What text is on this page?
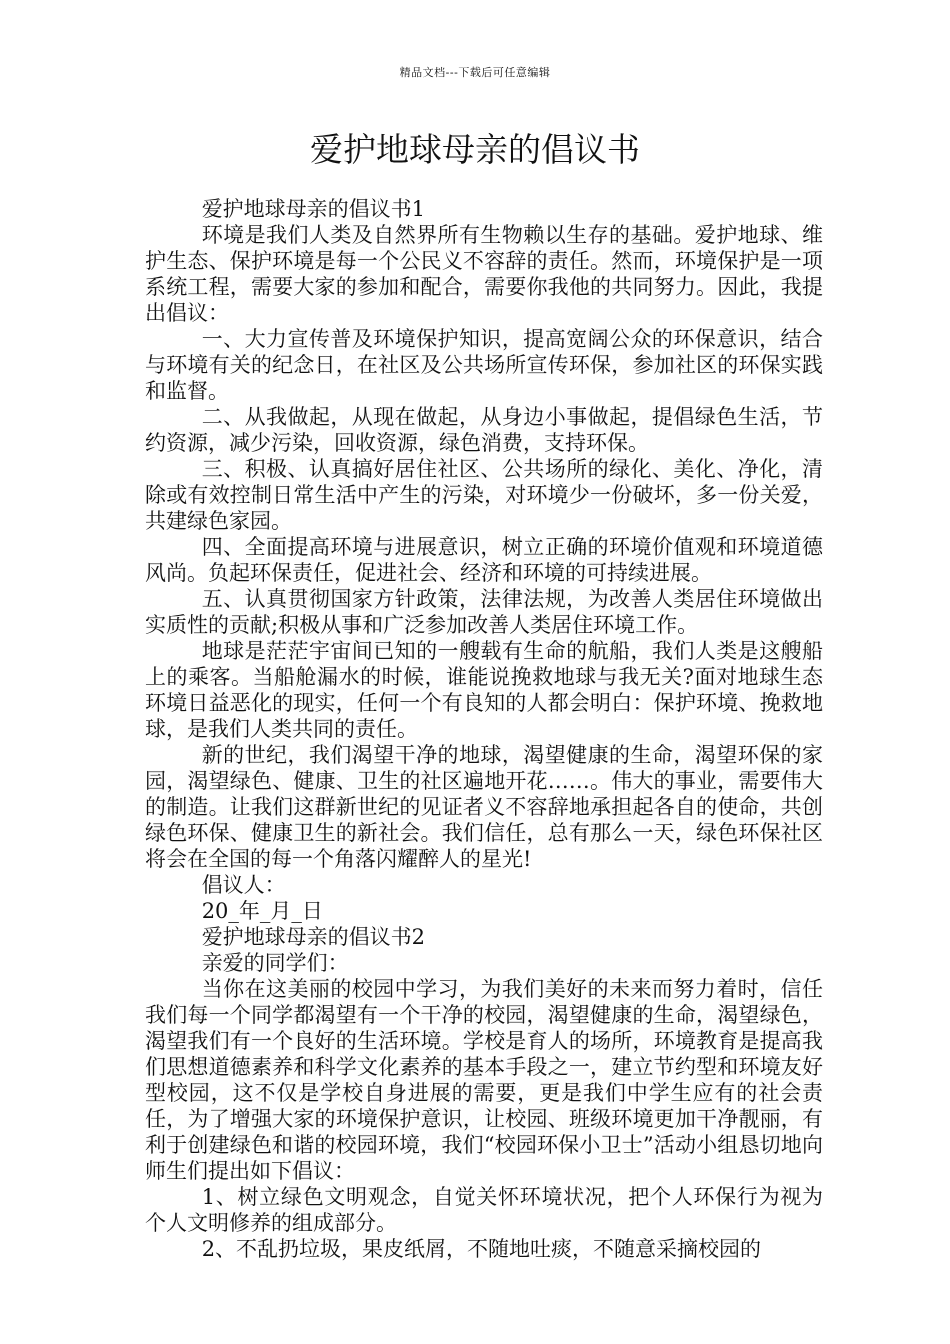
精品文档---下载后可任意编辑
爱护地球母亲的倡议书

爱护地球母亲的倡议书1

环境是我们人类及自然界所有生物赖以生存的基础。爱护地球、维护生态、保护环境是每一个公民义不容辞的责任。然而，环境保护是一项系统工程，需要大家的参加和配合，需要你我他的共同努力。因此，我提出倡议：

一、大力宣传普及环境保护知识，提高宽阔公众的环保意识，结合与环境有关的纪念日，在社区及公共场所宣传环保，参加社区的环保实践和监督。

二、从我做起，从现在做起，从身边小事做起，提倡绿色生活，节约资源，减少污染，回收资源，绿色消费，支持环保。

三、积极、认真搞好居住社区、公共场所的绿化、美化、净化，清除或有效控制日常生活中产生的污染，对环境少一份破坏，多一份关爱，共建绿色家园。

四、全面提高环境与进展意识，树立正确的环境价值观和环境道德风尚。负起环保责任，促进社会、经济和环境的可持续进展。

五、认真贯彻国家方针政策，法律法规，为改善人类居住环境做出实质性的贡献;积极从事和广泛参加改善人类居住环境工作。

地球是茫茫宇宙间已知的一艘载有生命的航船，我们人类是这艘船上的乘客。当船舱漏水的时候，谁能说挽救地球与我无关?面对地球生态环境日益恶化的现实，任何一个有良知的人都会明白：保护环境、挽救地球，是我们人类共同的责任。

新的世纪，我们渴望干净的地球，渴望健康的生命，渴望环保的家园，渴望绿色、健康、卫生的社区遍地开花……。伟大的事业，需要伟大的制造。让我们这群新世纪的见证者义不容辞地承担起各自的使命，共创绿色环保、健康卫生的新社会。我们信任，总有那么一天，绿色环保社区将会在全国的每一个角落闪耀醉人的星光!

倡议人：

20_年_月_日

爱护地球母亲的倡议书2

亲爱的同学们：

当你在这美丽的校园中学习，为我们美好的未来而努力着时，信任我们每一个同学都渴望有一个干净的校园，渴望健康的生命，渴望绿色，渴望我们有一个良好的生活环境。学校是育人的场所，环境教育是提高我们思想道德素养和科学文化素养的基本手段之一，建立节约型和环境友好型校园，这不仅是学校自身进展的需要，更是我们中学生应有的社会责任，为了增强大家的环境保护意识，让校园、班级环境更加干净靓丽，有利于创建绿色和谐的校园环境，我们“校园环保小卫士”活动小组恳切地向师生们提出如下倡议：

1、树立绿色文明观念，自觉关怀环境状况，把个人环保行为视为个人文明修养的组成部分。

2、不乱扔垃圾，果皮纸屑，不随地吐痰，不随意采摘校园的
